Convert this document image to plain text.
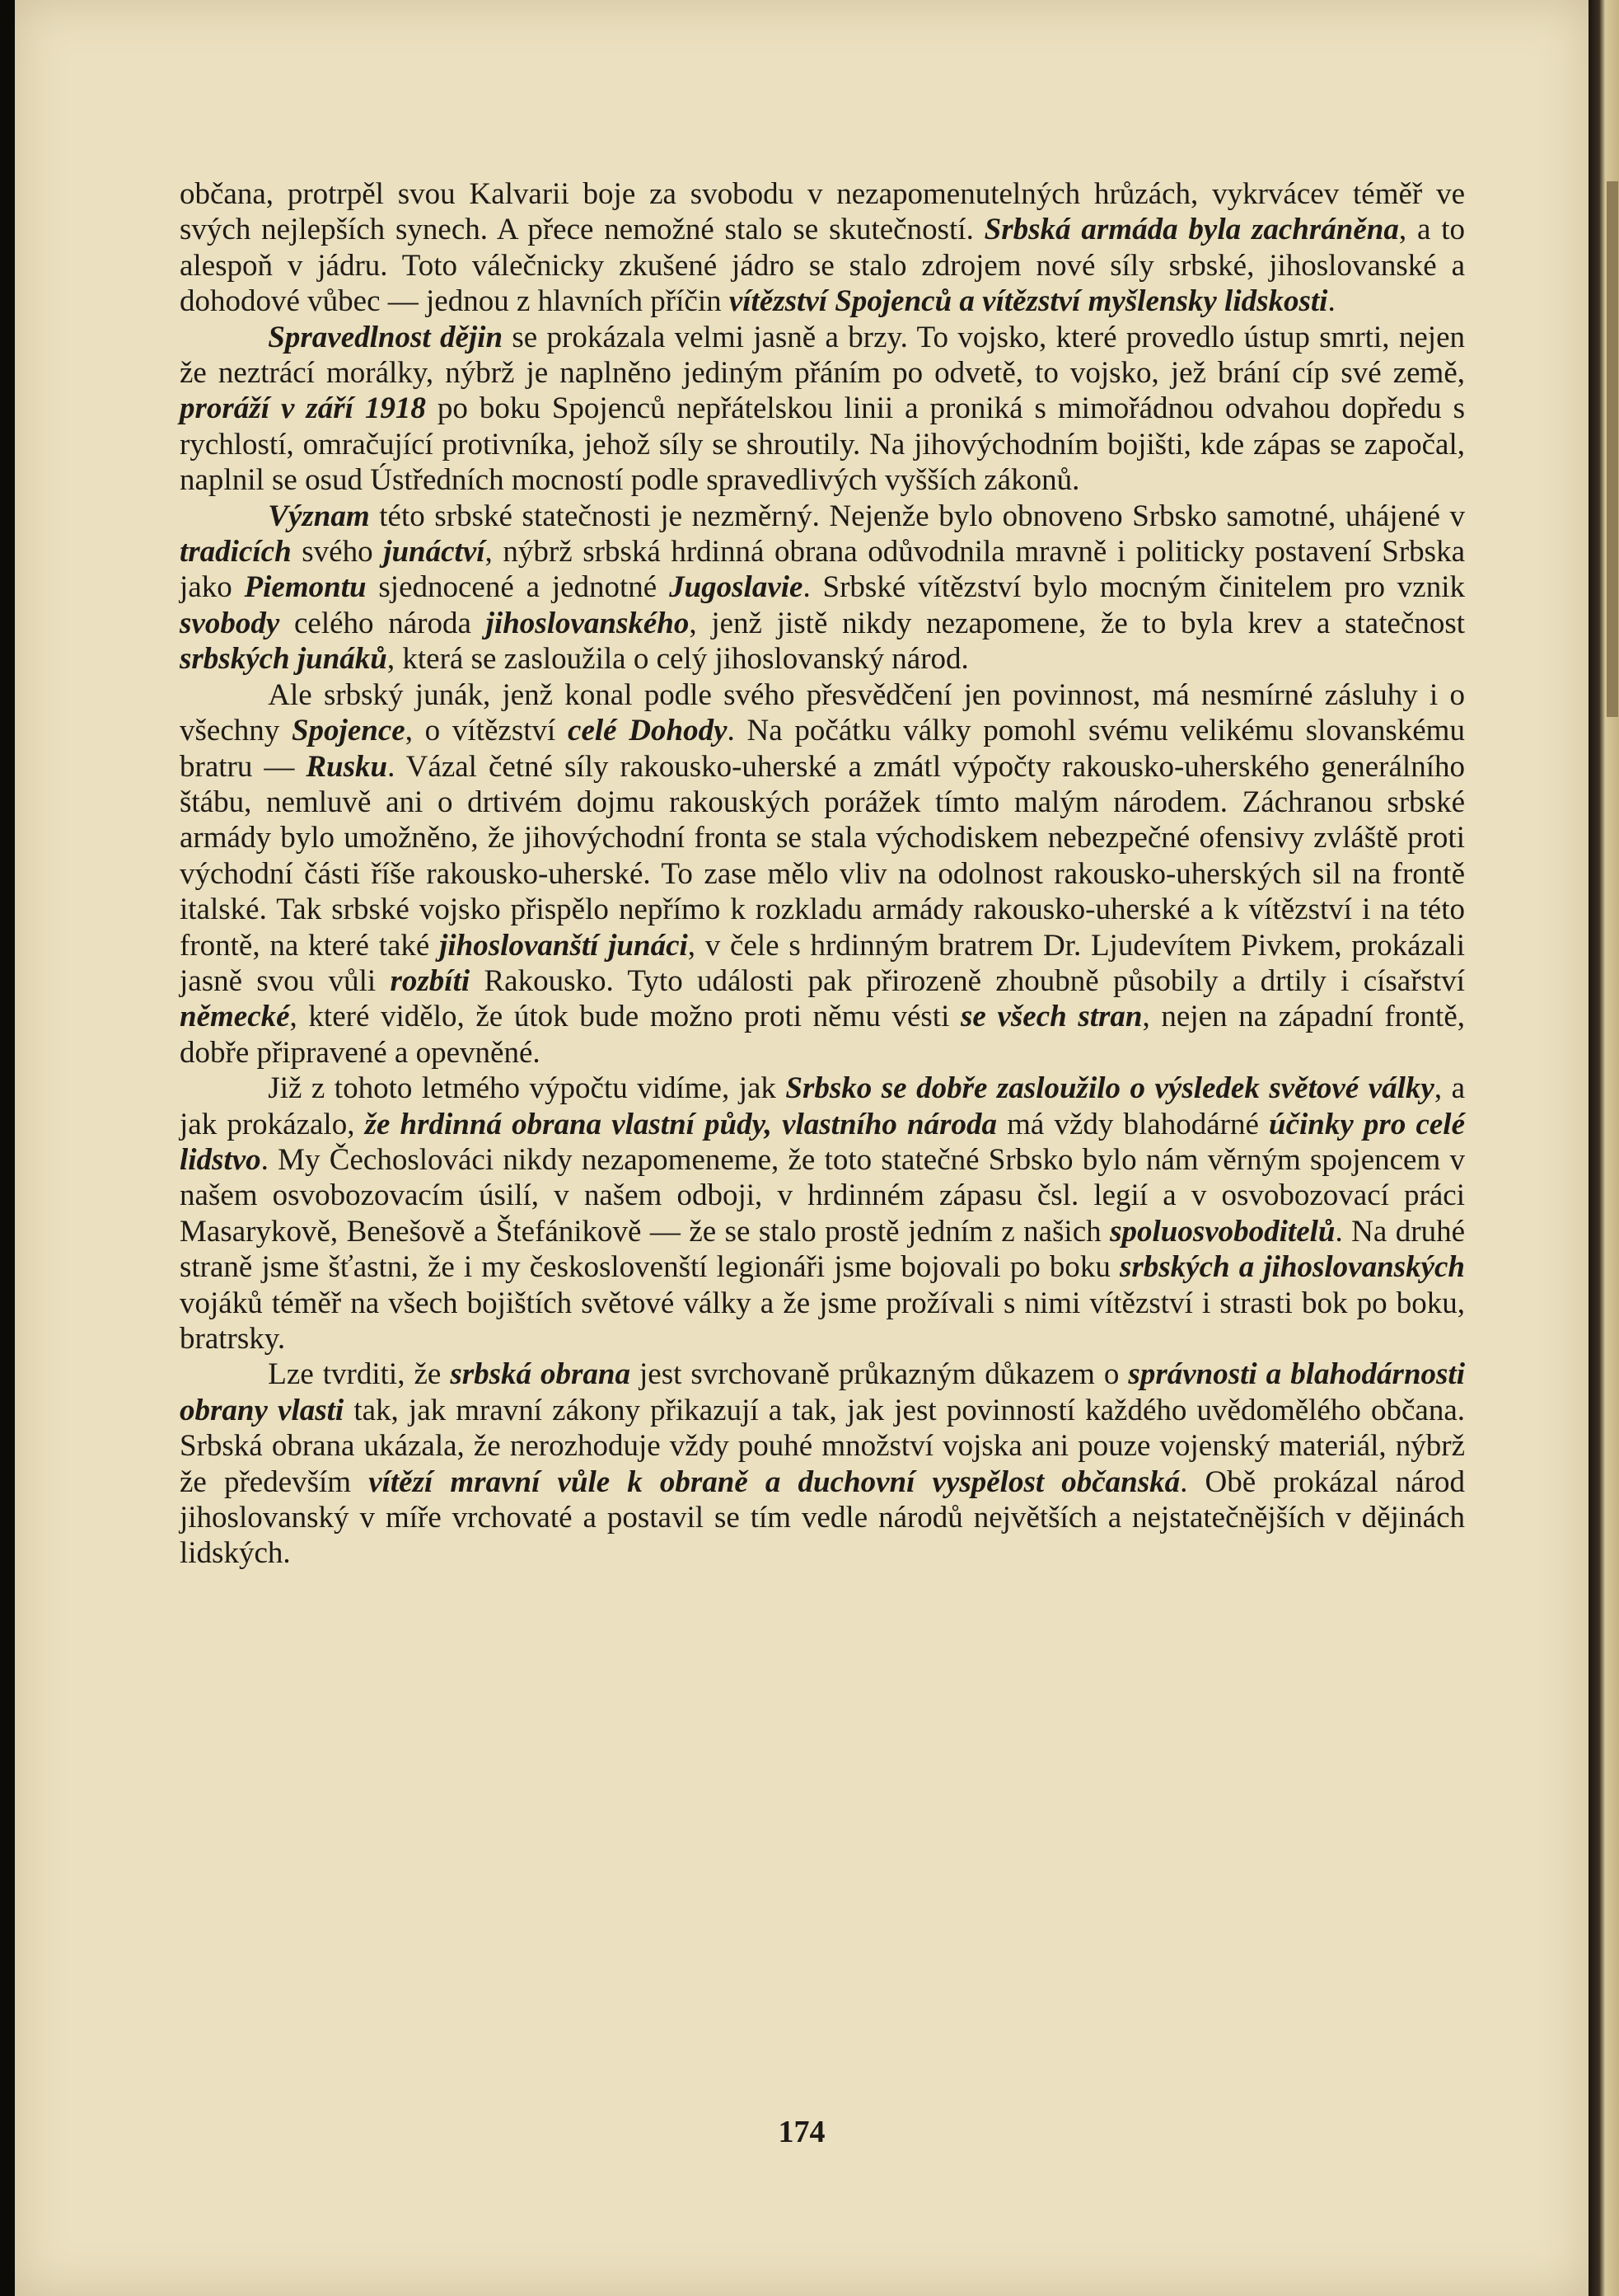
občana, protrpěl svou Kalvarii boje za svobodu v nezapomenutelných hrůzách, vykrvácev téměř ve svých nejlepších synech. A přece nemožné stalo se skutečností. Srbská armáda byla zachráněna, a to alespoň v jádru. Toto válečnicky zkušené jádro se stalo zdrojem nové síly srbské, jihoslovanské a dohodové vůbec — jednou z hlavních příčin vítězství Spojenců a vítězství myšlensky lidskosti.

Spravedlnost dějin se prokázala velmi jasně a brzy. To vojsko, které provedlo ústup smrti, nejen že neztrácí morálky, nýbrž je naplněno jediným přáním po odvetě, to vojsko, jež brání cíp své země, proráží v září 1918 po boku Spojenců nepřátelskou linii a proniká s mimořádnou odvahou dopředu s rychlostí, omračující protivníka, jehož síly se shroutily. Na jihovýchodním bojišti, kde zápas se započal, naplnil se osud Ústředních mocností podle spravedlivých vyšších zákonů.

Význam této srbské statečnosti je nezměrný. Nejenže bylo obnoveno Srbsko samotné, uhájené v tradicích svého junáctví, nýbrž srbská hrdinná obrana odůvodnila mravně i politicky postavení Srbska jako Piemontu sjednocené a jednotné Jugoslavie. Srbské vítězství bylo mocným činitelem pro vznik svobody celého národa jihoslovanského, jenž jistě nikdy nezapomene, že to byla krev a statečnost srbských junáků, která se zasloužila o celý jihoslovanský národ.

Ale srbský junák, jenž konal podle svého přesvědčení jen povinnost, má nesmírné zásluhy i o všechny Spojence, o vítězství celé Dohody. Na počátku války pomohl svému velikému slovanskému bratru — Rusku. Vázal četné síly rakousko-uherské a zmátl výpočty rakousko-uherského generálního štábu, nemluvě ani o drtivém dojmu rakouských porážek tímto malým národem. Záchranou srbské armády bylo umožněno, že jihovýchodní fronta se stala východiskem nebezpečné ofensivy zvláště proti východní části říše rakousko-uherské. To zase mělo vliv na odolnost rakousko-uherských sil na frontě italské. Tak srbské vojsko přispělo nepřímo k rozkladu armády rakousko-uherské a k vítězství i na této frontě, na které také jihoslovanští junáci, v čele s hrdinným bratrem Dr. Ljudevítem Pivkem, prokázali jasně svou vůli rozbíti Rakousko. Tyto události pak přirozeně zhoubně působily a drtily i císařství německé, které vidělo, že útok bude možno proti němu vésti se všech stran, nejen na západní frontě, dobře připravené a opevněné.

Již z tohoto letmého výpočtu vidíme, jak Srbsko se dobře zasloužilo o výsledek světové války, a jak prokázalo, že hrdinná obrana vlastní půdy, vlastního národa má vždy blahodárné účinky pro celé lidstvo. My Čechoslováci nikdy nezapomeneme, že toto statečné Srbsko bylo nám věrným spojencem v našem osvobozovacím úsilí, v našem odboji, v hrdinném zápasu čsl. legií a v osvobozovací práci Masarykově, Benešově a Štefánikově — že se stalo prostě jedním z našich spoluosvoboditelů. Na druhé straně jsme šťastni, že i my českoslovenští legionáři jsme bojovali po boku srbských a jihoslovanských vojáků téměř na všech bojištích světové války a že jsme prožívali s nimi vítězství i strasti bok po boku, bratrsky.

Lze tvrditi, že srbská obrana jest svrchovaně průkazným důkazem o správnosti a blahodárnosti obrany vlasti tak, jak mravní zákony přikazují a tak, jak jest povinností každého uvědomělého občana. Srbská obrana ukázala, že nerozhoduje vždy pouhé množství vojska ani pouze vojenský materiál, nýbrž že především vítězí mravní vůle k obraně a duchovní vyspělost občanská. Obě prokázal národ jihoslovanský v míře vrchovaté a postavil se tím vedle národů největších a nejstatečnějších v dějinách lidských.

174
